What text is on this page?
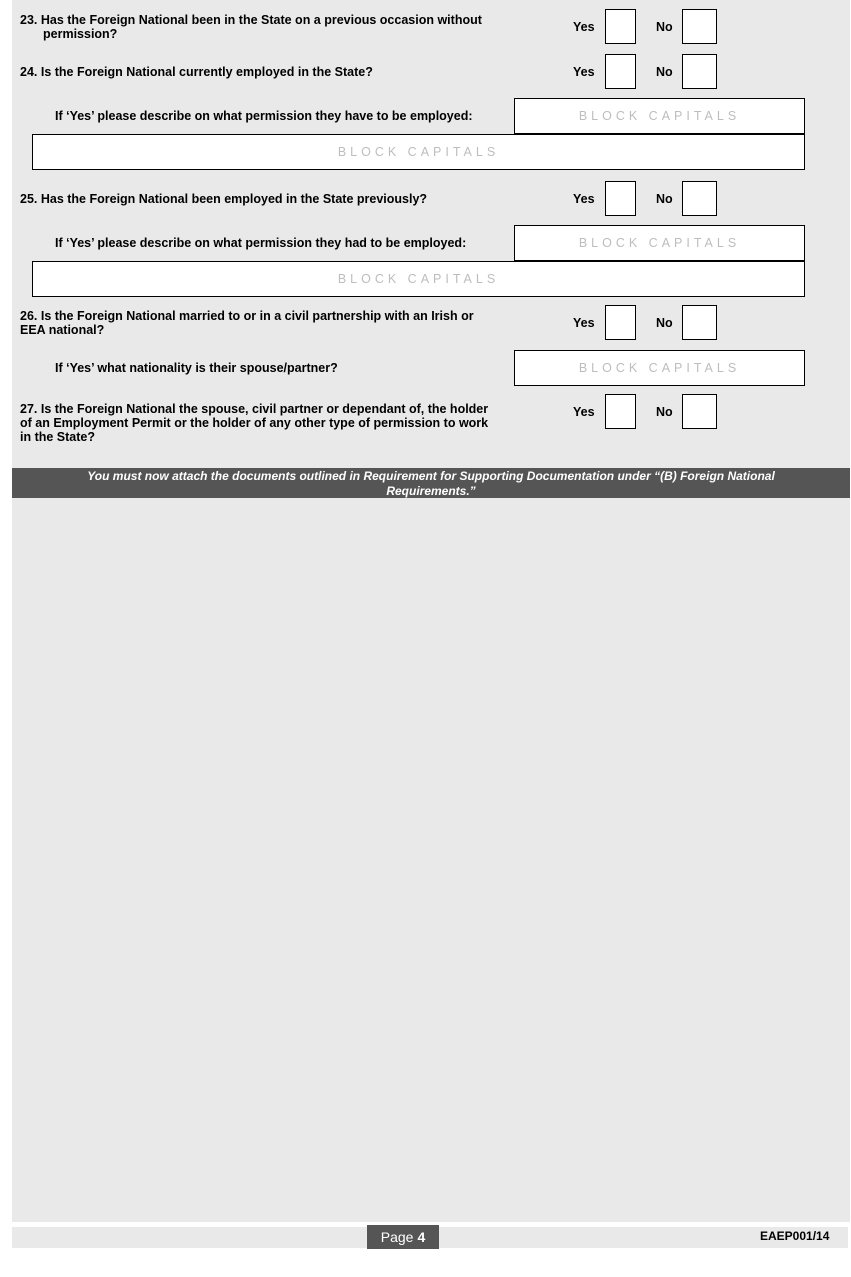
23. Has the Foreign National been in the State on a previous occasion without
permission?	Yes	No
24. Is the Foreign National currently employed in the State?	Yes	No
If ‘Yes’ please describe on what permission they have to be employed:	BLOCK CAPITALS
BLOCK CAPITALS
25. Has the Foreign National been employed in the State previously?	Yes	No
If ‘Yes’ please describe on what permission they had to be employed:	BLOCK CAPITALS
BLOCK CAPITALS
26. Is the Foreign National married to or in a civil partnership with an Irish or
EEA national?	Yes	No
If ‘Yes’ what nationality is their spouse/partner?	BLOCK CAPITALS
27. Is the Foreign National the spouse, civil partner or dependant of, the holder
of an Employment Permit or the holder of any other type of permission to work
in the State?
Yes	No
You must now attach the documents outlined in Requirement for Supporting Documentation under “(B) Foreign National
Requirements.”
Page 4	EAEP001/14
